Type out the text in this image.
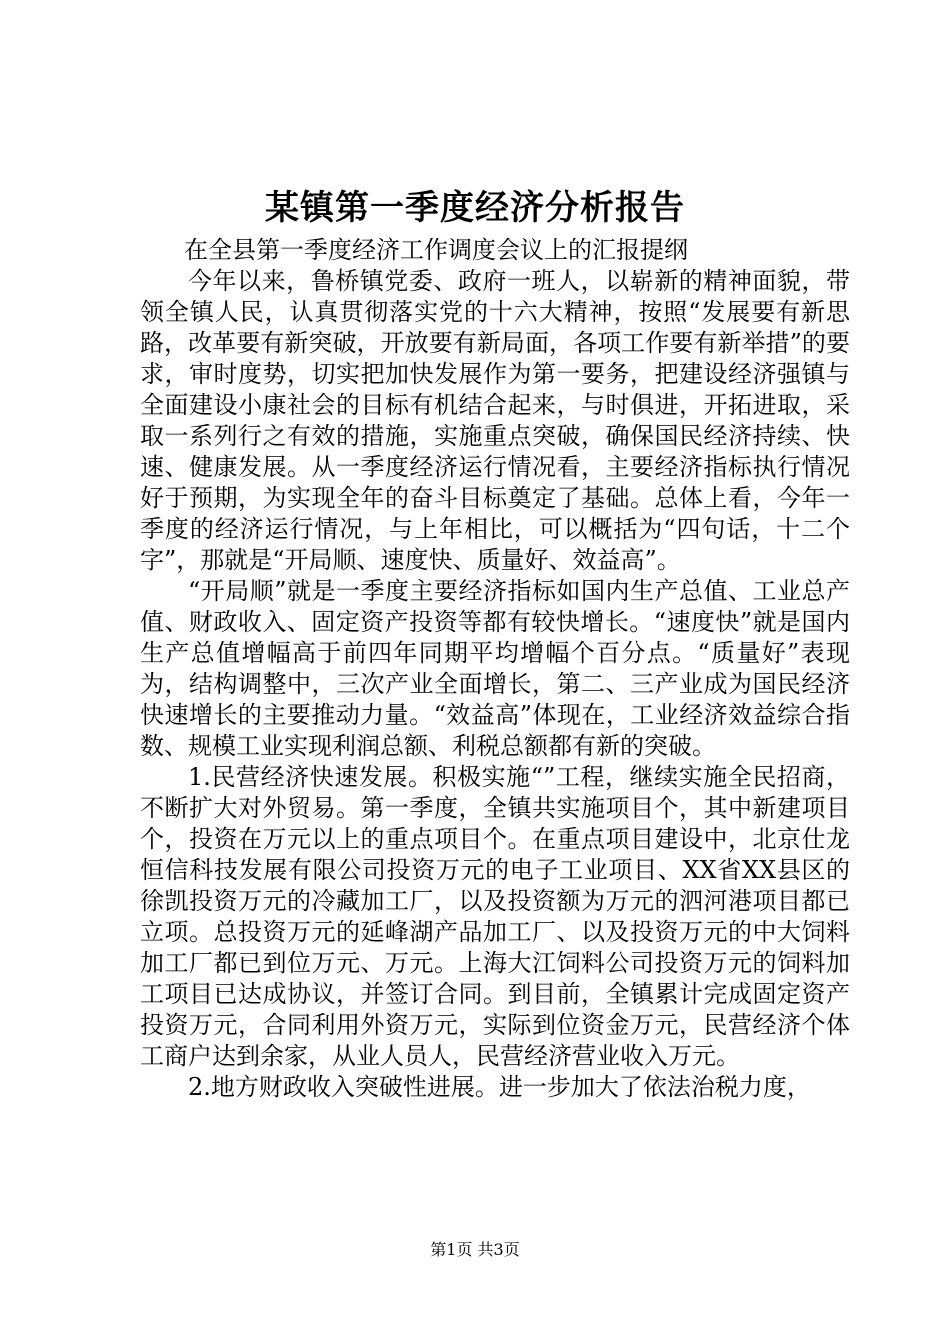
某镇第一季度经济分析报告

在全县第一季度经济工作调度会议上的汇报提纲

今年以来，鲁桥镇党委、政府一班人，以崭新的精神面貌，带领全镇人民，认真贯彻落实党的十六大精神，按照“发展要有新思路，改革要有新突破，开放要有新局面，各项工作要有新举措”的要求，审时度势，切实把加快发展作为第一要务，把建设经济强镇与全面建设小康社会的目标有机结合起来，与时俱进，开拓进取，采取一系列行之有效的措施，实施重点突破，确保国民经济持续、快速、健康发展。从一季度经济运行情况看，主要经济指标执行情况好于预期，为实现全年的奋斗目标奠定了基础。总体上看，今年一季度的经济运行情况，与上年相比，可以概括为“四句话，十二个字”，那就是“开局顺、速度快、质量好、效益高”。

“开局顺”就是一季度主要经济指标如国内生产总值、工业总产值、财政收入、固定资产投资等都有较快增长。“速度快”就是国内生产总值增幅高于前四年同期平均增幅个百分点。“质量好”表现为，结构调整中，三次产业全面增长，第二、三产业成为国民经济快速增长的主要推动力量。“效益高”体现在，工业经济效益综合指数、规模工业实现利润总额、利税总额都有新的突破。

1.民营经济快速发展。积极实施“”工程，继续实施全民招商，不断扩大对外贸易。第一季度，全镇共实施项目个，其中新建项目个，投资在万元以上的重点项目个。在重点项目建设中，北京仕龙恒信科技发展有限公司投资万元的电子工业项目、XX省XX县区的徐凯投资万元的冷藏加工厂，以及投资额为万元的泗河港项目都已立项。总投资万元的延峰湖产品加工厂、以及投资万元的中大饲料加工厂都已到位万元、万元。上海大江饲料公司投资万元的饲料加工项目已达成协议，并签订合同。到目前，全镇累计完成固定资产投资万元，合同利用外资万元，实际到位资金万元，民营经济个体工商户达到余家，从业人员人，民营经济营业收入万元。

2.地方财政收入突破性进展。进一步加大了依法治税力度，

第1页 共3页
